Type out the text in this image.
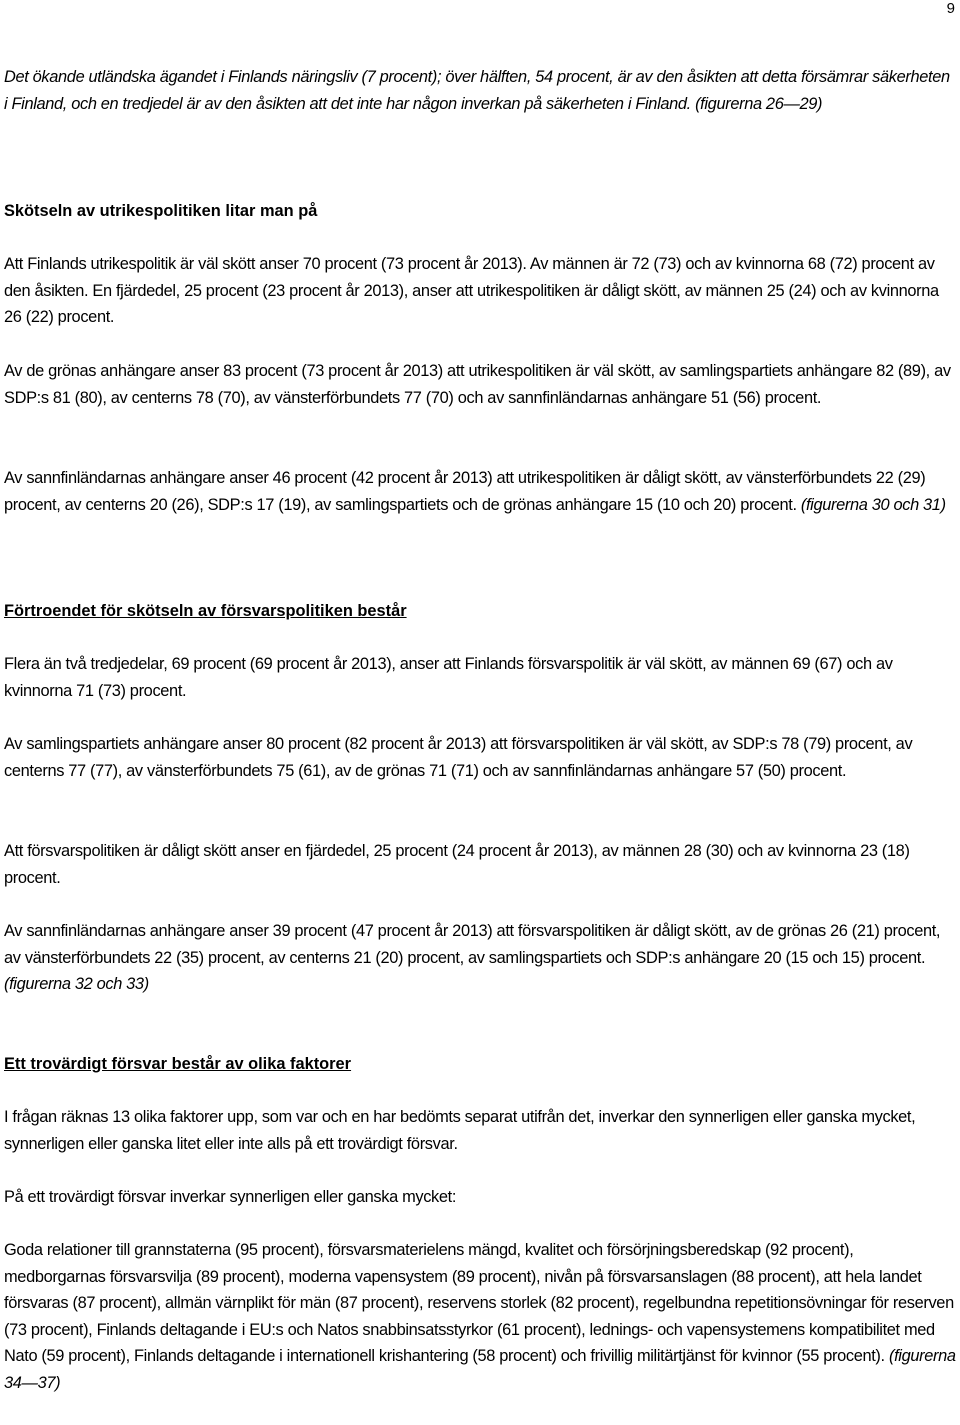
9

Det ökande utländska ägandet i Finlands näringsliv (7 procent); över hälften, 54 procent, är av den åsikten att detta försämrar säkerheten i Finland, och en tredjedel är av den åsikten att det inte har någon inverkan på säkerheten i Finland. (figurerna 26—29)

Skötseln av utrikespolitiken litar man på

Att Finlands utrikespolitik är väl skött anser 70 procent (73 procent år 2013). Av männen är 72 (73) och av kvinnorna 68 (72) procent av den åsikten. En fjärdedel, 25 procent (23 procent år 2013), anser att utrikespolitiken är dåligt skött, av männen 25 (24) och av kvinnorna 26 (22) procent.

Av de grönas anhängare anser 83 procent (73 procent år 2013) att utrikespolitiken är väl skött, av samlingspartiets anhängare 82 (89), av SDP:s 81 (80), av centerns 78 (70), av vänsterförbundets 77 (70) och av sannfinländarnas anhängare 51 (56) procent.

Av sannfinländarnas anhängare anser 46 procent (42 procent år 2013) att utrikespolitiken är dåligt skött, av vänsterförbundets 22 (29) procent, av centerns 20 (26), SDP:s 17 (19), av samlingspartiets och de grönas anhängare 15 (10 och 20) procent. (figurerna 30 och 31)

Förtroendet för skötseln av försvarspolitiken består

Flera än två tredjedelar, 69 procent (69 procent år 2013), anser att Finlands försvarspolitik är väl skött, av männen 69 (67) och av kvinnorna 71 (73) procent.

Av samlingspartiets anhängare anser 80 procent (82 procent år 2013) att försvarspolitiken är väl skött, av SDP:s 78 (79) procent, av centerns 77 (77), av vänsterförbundets 75 (61), av de grönas 71 (71) och av sannfinländarnas anhängare 57 (50) procent.

Att försvarspolitiken är dåligt skött anser en fjärdedel, 25 procent (24 procent år 2013), av männen 28 (30) och av kvinnorna 23 (18) procent.

Av sannfinländarnas anhängare anser 39 procent (47 procent år 2013) att försvarspolitiken är dåligt skött, av de grönas 26 (21) procent, av vänsterförbundets 22 (35) procent, av centerns 21 (20) procent, av samlingspartiets och SDP:s anhängare 20 (15 och 15) procent. (figurerna 32 och 33)

Ett trovärdigt försvar består av olika faktorer

I frågan räknas 13 olika faktorer upp, som var och en har bedömts separat utifrån det, inverkar den synnerligen eller ganska mycket, synnerligen eller ganska litet eller inte alls på ett trovärdigt försvar.

På ett trovärdigt försvar inverkar synnerligen eller ganska mycket:

Goda relationer till grannstaterna (95 procent), försvarsmaterielens mängd, kvalitet och försörjningsberedskap (92 procent), medborgarnas försvarsvilja (89 procent), moderna vapensystem (89 procent), nivån på försvarsanslagen (88 procent), att hela landet försvaras (87 procent), allmän värnplikt för män (87 procent), reservens storlek (82 procent), regelbundna repetitionsövningar för reserven (73 procent), Finlands deltagande i EU:s och Natos snabbinsatsstyrkor (61 procent), lednings- och vapensystemens kompatibilitet med Nato (59 procent), Finlands deltagande i internationell krishantering (58 procent) och frivillig militärtjänst för kvinnor (55 procent). (figurerna 34—37)
